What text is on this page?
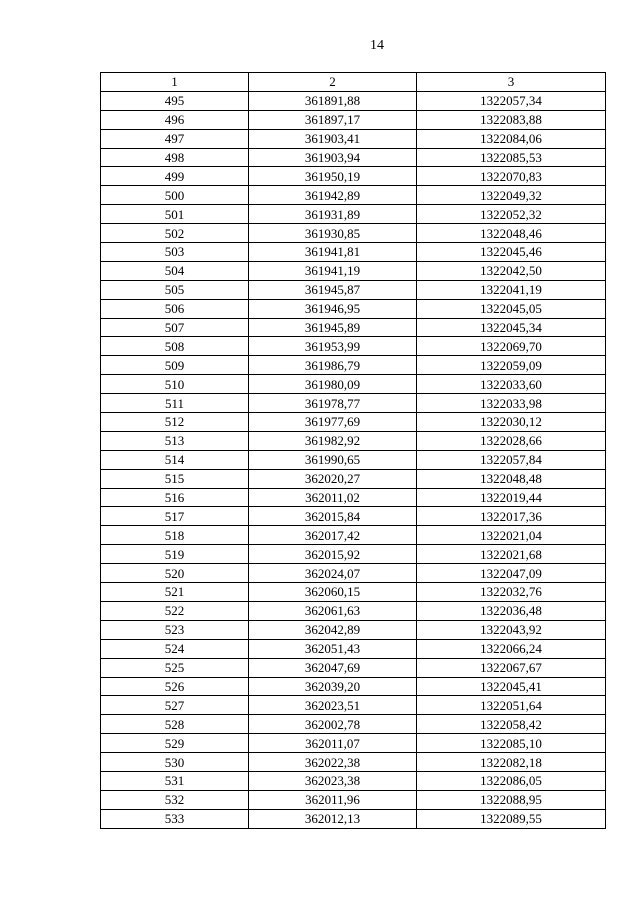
14
1	2	3
495	361891,88	1322057,34
496	361897,17	1322083,88
497	361903,41	1322084,06
498	361903,94	1322085,53
499	361950,19	1322070,83
500	361942,89	1322049,32
501	361931,89	1322052,32
502	361930,85	1322048,46
503	361941,81	1322045,46
504	361941,19	1322042,50
505	361945,87	1322041,19
506	361946,95	1322045,05
507	361945,89	1322045,34
508	361953,99	1322069,70
509	361986,79	1322059,09
510	361980,09	1322033,60
511	361978,77	1322033,98
512	361977,69	1322030,12
513	361982,92	1322028,66
514	361990,65	1322057,84
515	362020,27	1322048,48
516	362011,02	1322019,44
517	362015,84	1322017,36
518	362017,42	1322021,04
519	362015,92	1322021,68
520	362024,07	1322047,09
521	362060,15	1322032,76
522	362061,63	1322036,48
523	362042,89	1322043,92
524	362051,43	1322066,24
525	362047,69	1322067,67
526	362039,20	1322045,41
527	362023,51	1322051,64
528	362002,78	1322058,42
529	362011,07	1322085,10
530	362022,38	1322082,18
531	362023,38	1322086,05
532	362011,96	1322088,95
533	362012,13	1322089,55
